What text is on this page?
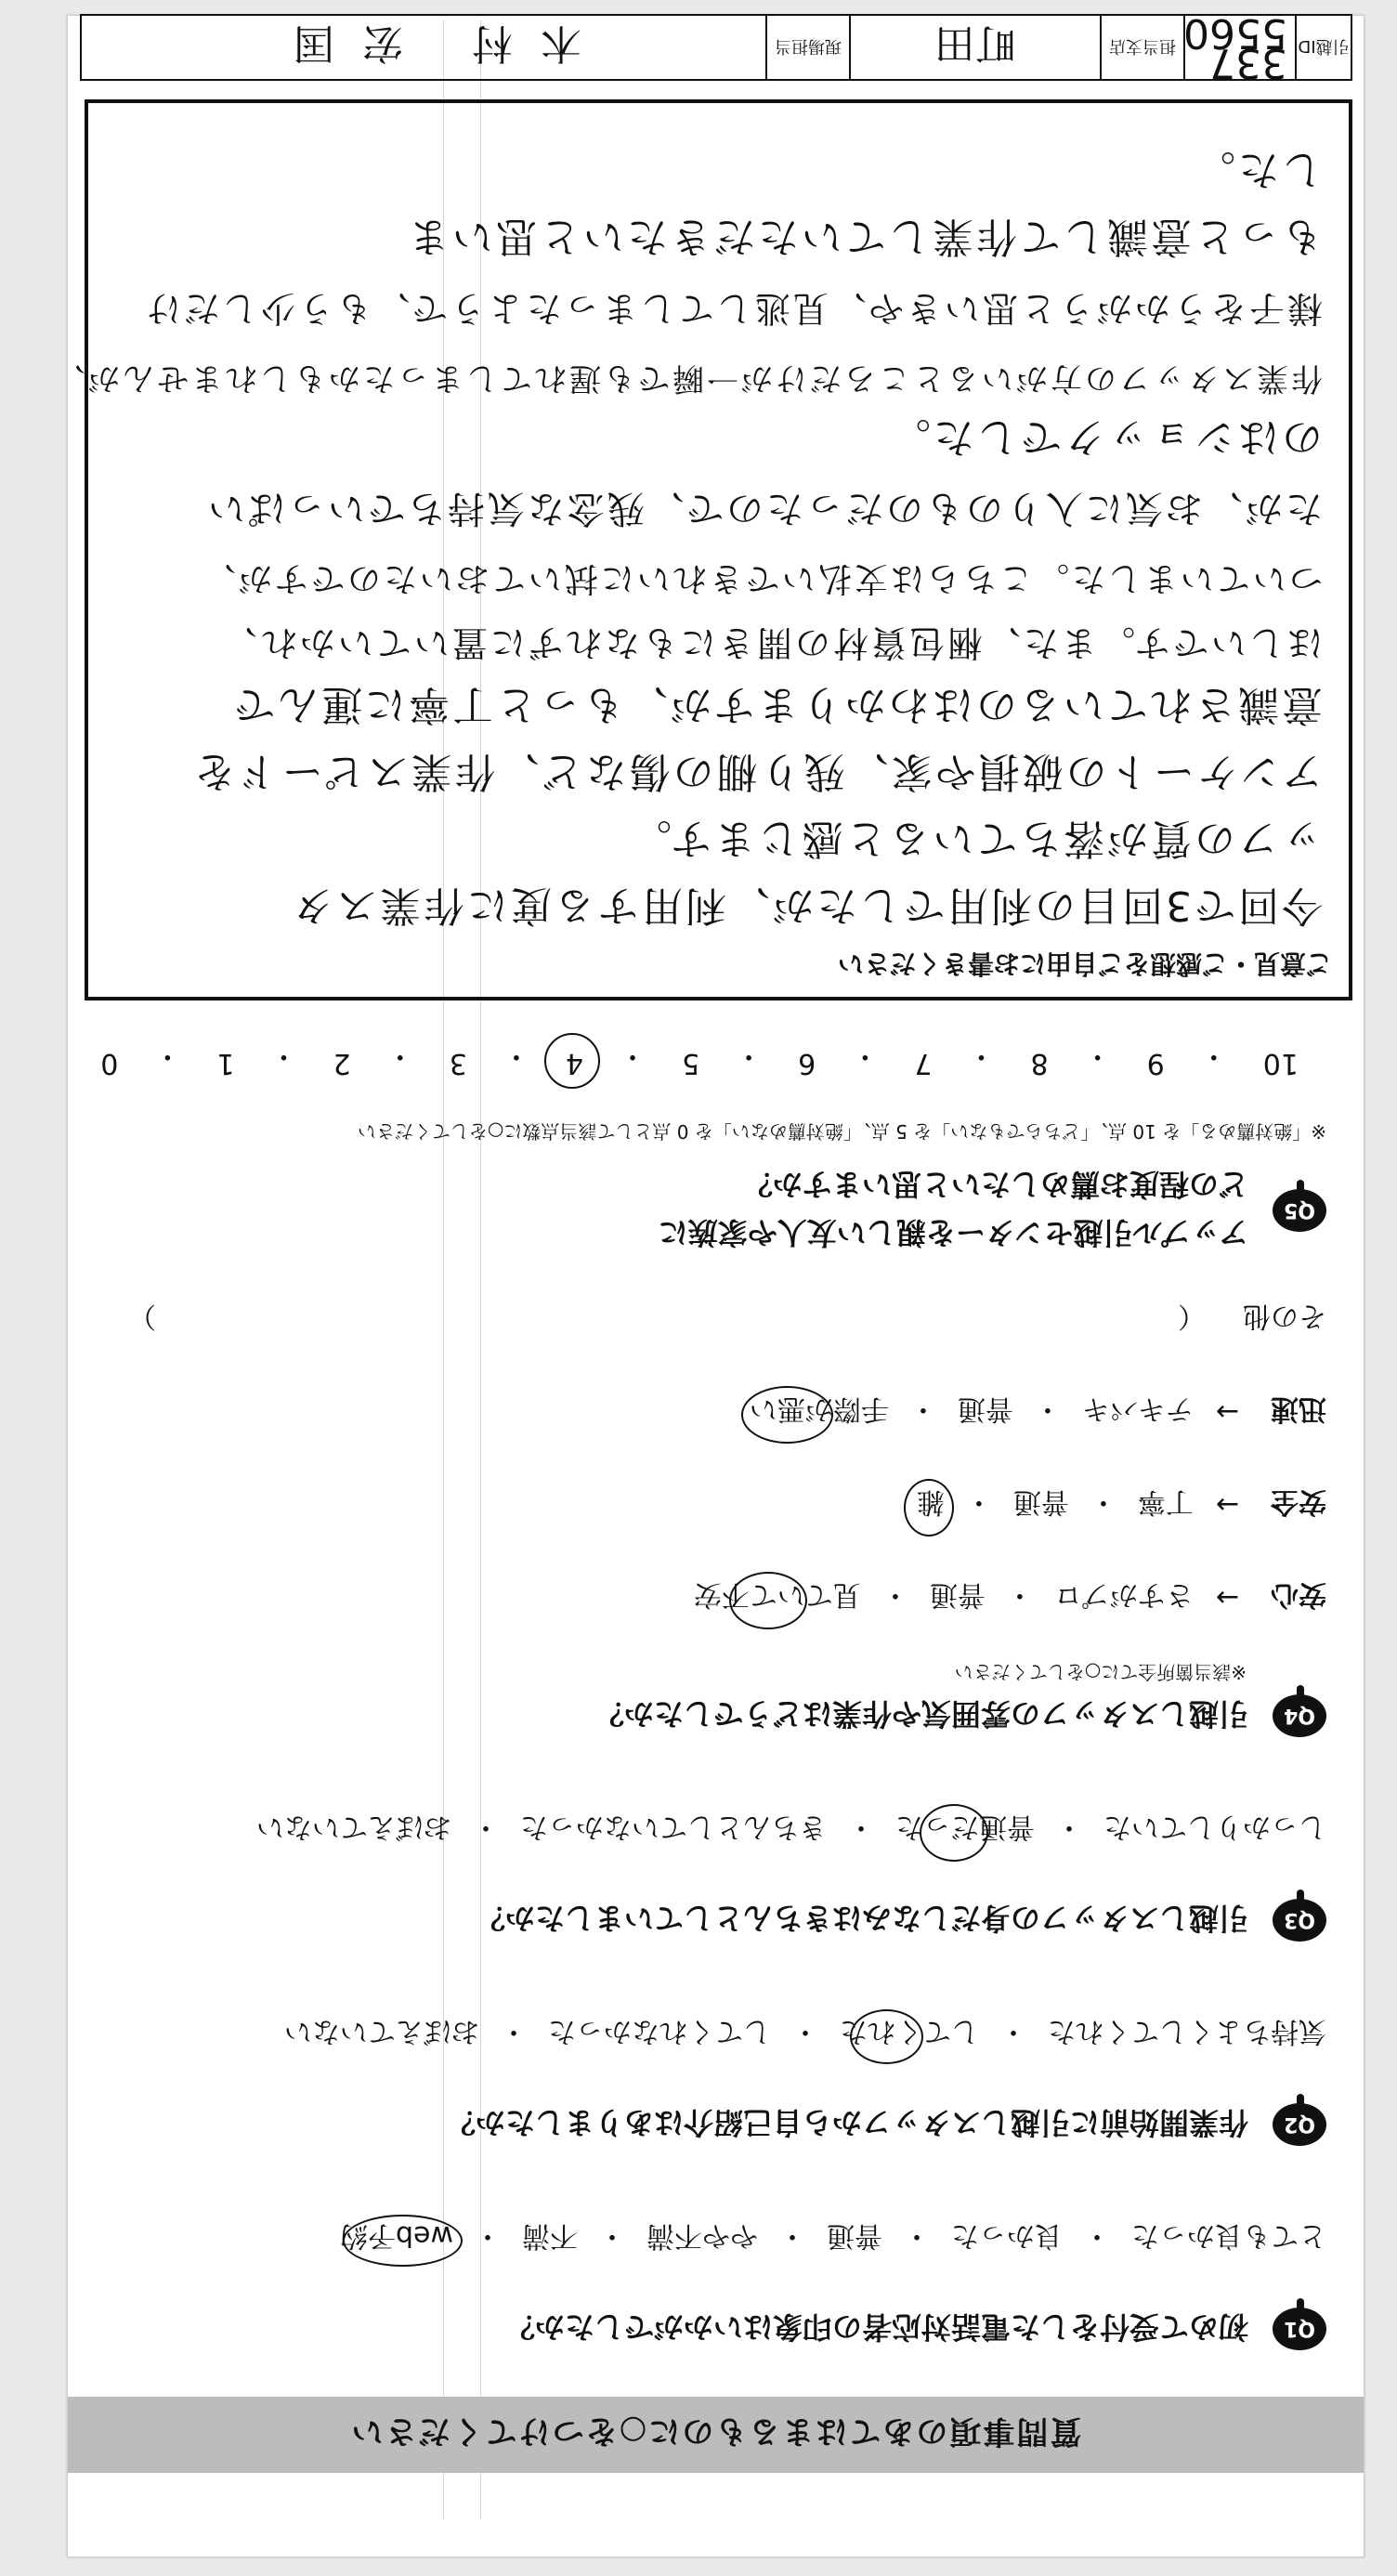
質問事項のあてはまるものに○をつけてください
Q1
初めて受付をした電話対応者の印象はいかがでしたか？
とても良かった
・
良かった
・
普通
・
やや不満
・
不満
・
web予約
Q2
作業開始前に引越しスタッフから自己紹介はありましたか？
気持ちよくしてくれた
・
してくれた
・
してくれなかった
・
おぼえていない
Q3
引越しスタッフの身だしなみはきちんとしていましたか？
しっかりしていた
・
普通だった
・
きちんとしていなかった
・
おぼえていない
Q4
引越しスタッフの雰囲気や作業はどうでしたか？
※該当箇所全てに○をしてください
安心
→
さすがプロ
・
普通
・
見ていて不安
安全
→
丁寧
・
普通
・
雑
迅速
→
テキパキ
・
普通
・
手際が悪い
その他
（
）
Q5
アップル引越センターを親しい友人や家族に
どの程度お薦めしたいと思いますか？
※「絶対薦める」を 10 点、「どちらでもない」を 5 点、「絶対薦めない」を 0 点として該当点数に○をしてください
10
・
9
・
8
・
7
・
6
・
5
・
4
・
3
・
2
・
1
・
0
ご意見・ご感想をご自由にお書きください
今回で3回目の利用でしたが、利用する度に作業スタ
ッフの質が落ちていると感じます。
アンケートの破損や家、残り棚の傷など、作業スピードを
意識されているのはわかりますが、もっと丁寧に運んで
ほしいです。また、梱包資材の開きにもなれずに置いていかれ、
ついていました。こちらは支払いできれいに拭いておいたのですが、
たが、お気に入りのものだったので、残念な気持ちでいっぱい
のはショックでした。
作業スタッフの方がいるところだけが一瞬でも遅れてしまったかもしれませんが、
様子をうかがうと思いきや、見逃してしまったようで、もう少しだけ
もっと意識して作業していただきたいと思いま
した。
引越ID
337
5560
担当支店
町田
現場担当
木村 宏国
